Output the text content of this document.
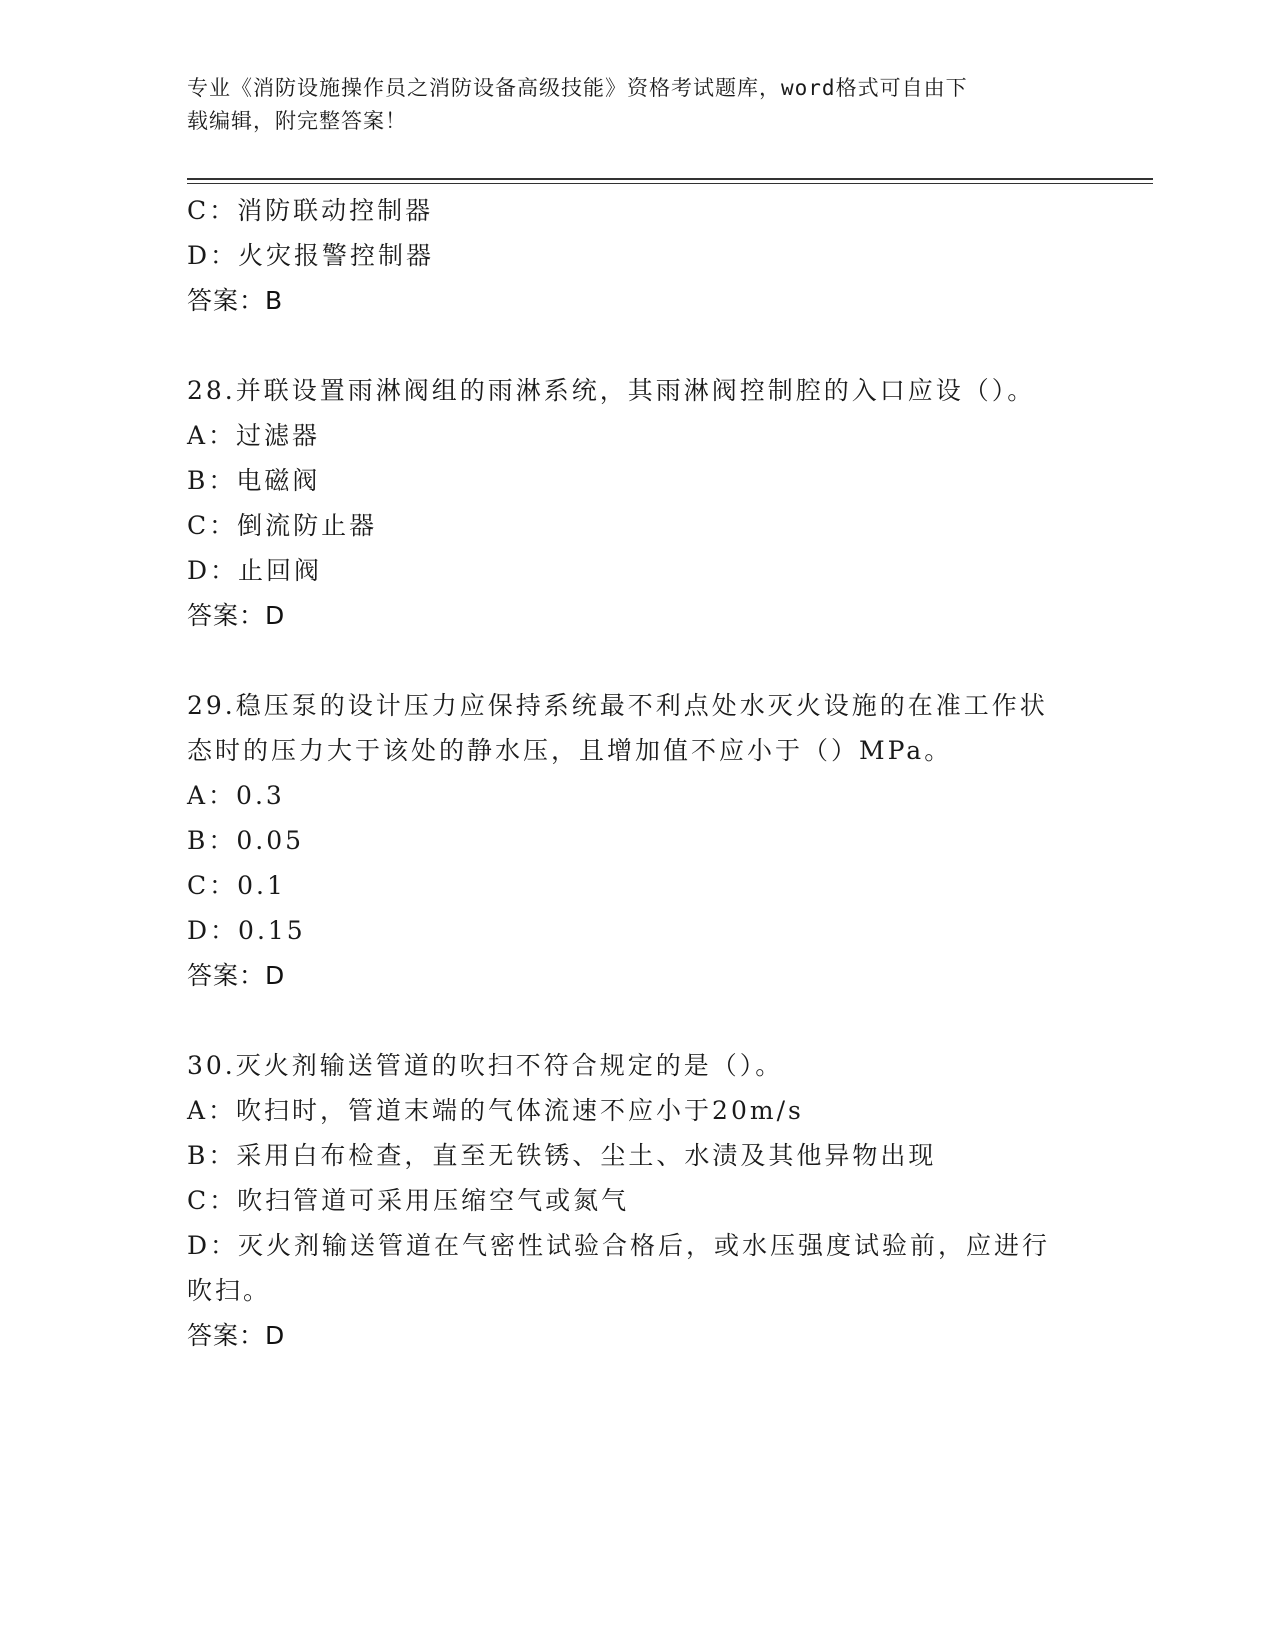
专业《消防设施操作员之消防设备高级技能》资格考试题库，word格式可自由下
载编辑，附完整答案！
C：消防联动控制器
D：火灾报警控制器
答案：B
28.并联设置雨淋阀组的雨淋系统，其雨淋阀控制腔的入口应设（）。
A：过滤器
B：电磁阀
C：倒流防止器
D：止回阀
答案：D
29.稳压泵的设计压力应保持系统最不利点处水灭火设施的在准工作状
态时的压力大于该处的静水压，且增加值不应小于（）MPa。
A：0.3
B：0.05
C：0.1
D：0.15
答案：D
30.灭火剂输送管道的吹扫不符合规定的是（）。
A：吹扫时，管道末端的气体流速不应小于20m/s
B：采用白布检查，直至无铁锈、尘土、水渍及其他异物出现
C：吹扫管道可采用压缩空气或氮气
D：灭火剂输送管道在气密性试验合格后，或水压强度试验前，应进行
吹扫。
答案：D
